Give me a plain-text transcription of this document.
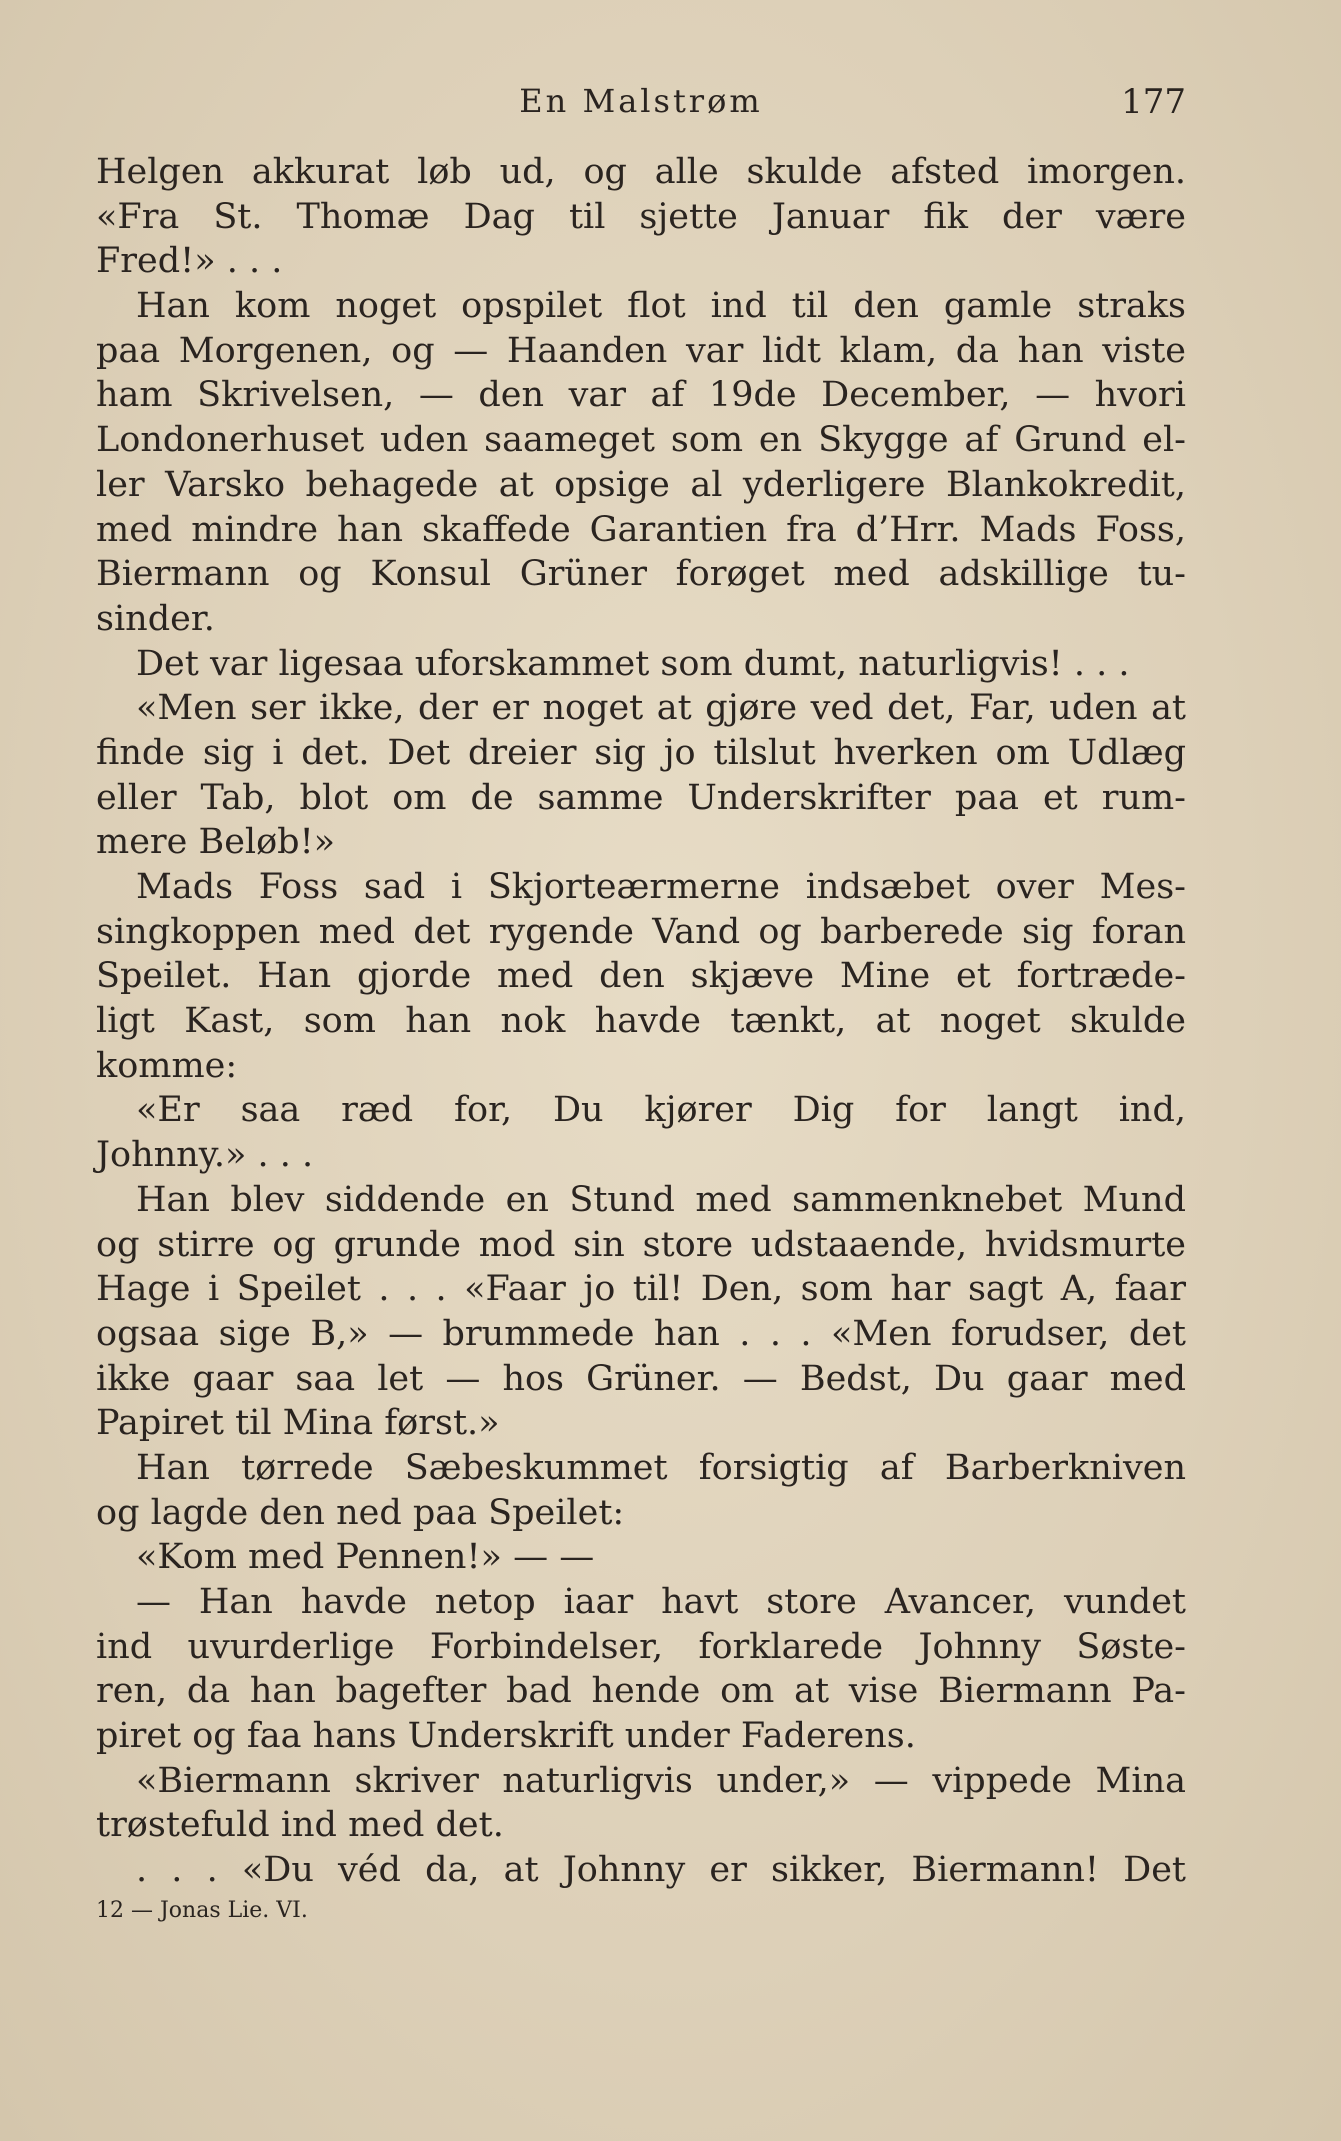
En Malstrøm	177
Helgen akkurat løb ud, og alle skulde afsted imorgen.
«Fra St. Thomæ Dag til sjette Januar fik der være
Fred!» . . .
Han kom noget opspilet flot ind til den gamle straks
paa Morgenen, og — Haanden var lidt klam, da han viste
ham Skrivelsen, — den var af 19de December, — hvori
Londonerhuset uden saameget som en Skygge af Grund el-
ler Varsko behagede at opsige al yderligere Blankokredit,
med mindre han skaffede Garantien fra d’Hrr. Mads Foss,
Biermann og Konsul Grüner forøget med adskillige tu-
sinder.
Det var ligesaa uforskammet som dumt, naturligvis! . . .
«Men ser ikke, der er noget at gjøre ved det, Far, uden at
finde sig i det. Det dreier sig jo tilslut hverken om Udlæg
eller Tab, blot om de samme Underskrifter paa et rum-
mere Beløb!»
Mads Foss sad i Skjorteærmerne indsæbet over Mes-
singkoppen med det rygende Vand og barberede sig foran
Speilet. Han gjorde med den skjæve Mine et fortræde-
ligt Kast, som han nok havde tænkt, at noget skulde
komme:
«Er saa ræd for, Du kjører Dig for langt ind,
Johnny.» . . .
Han blev siddende en Stund med sammenknebet Mund
og stirre og grunde mod sin store udstaaende, hvidsmurte
Hage i Speilet . . . «Faar jo til! Den, som har sagt A, faar
ogsaa sige B,» — brummede han . . . «Men forudser, det
ikke gaar saa let — hos Grüner. — Bedst, Du gaar med
Papiret til Mina først.»
Han tørrede Sæbeskummet forsigtig af Barberkniven
og lagde den ned paa Speilet:
«Kom med Pennen!» — —
— Han havde netop iaar havt store Avancer, vundet
ind uvurderlige Forbindelser, forklarede Johnny Søste-
ren, da han bagefter bad hende om at vise Biermann Pa-
piret og faa hans Underskrift under Faderens.
«Biermann skriver naturligvis under,» — vippede Mina
trøstefuld ind med det.
. . . «Du véd da, at Johnny er sikker, Biermann! Det
12 — Jonas Lie. VI.
